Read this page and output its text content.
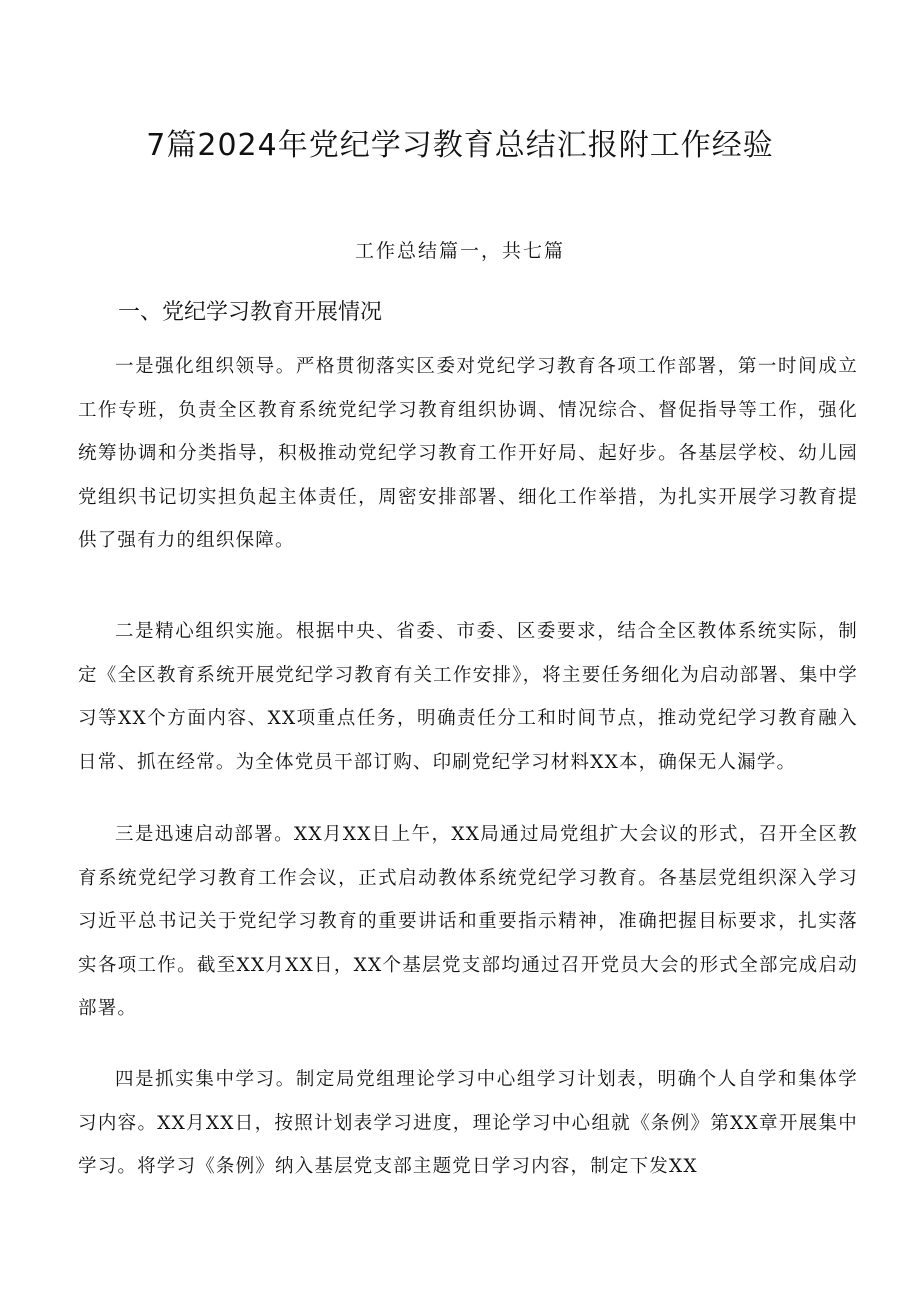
7篇2024年党纪学习教育总结汇报附工作经验
工作总结篇一，共七篇
一、党纪学习教育开展情况

一是强化组织领导。严格贯彻落实区委对党纪学习教育各项工作部署，第一时间成立工作专班，负责全区教育系统党纪学习教育组织协调、情况综合、督促指导等工作，强化统筹协调和分类指导，积极推动党纪学习教育工作开好局、起好步。各基层学校、幼儿园党组织书记切实担负起主体责任，周密安排部署、细化工作举措，为扎实开展学习教育提供了强有力的组织保障。

二是精心组织实施。根据中央、省委、市委、区委要求，结合全区教体系统实际，制定《全区教育系统开展党纪学习教育有关工作安排》，将主要任务细化为启动部署、集中学习等XX个方面内容、XX项重点任务，明确责任分工和时间节点，推动党纪学习教育融入日常、抓在经常。为全体党员干部订购、印刷党纪学习材料XX本，确保无人漏学。

三是迅速启动部署。XX月XX日上午，XX局通过局党组扩大会议的形式，召开全区教育系统党纪学习教育工作会议，正式启动教体系统党纪学习教育。各基层党组织深入学习习近平总书记关于党纪学习教育的重要讲话和重要指示精神，准确把握目标要求，扎实落实各项工作。截至XX月XX日，XX个基层党支部均通过召开党员大会的形式全部完成启动部署。

四是抓实集中学习。制定局党组理论学习中心组学习计划表，明确个人自学和集体学习内容。XX月XX日，按照计划表学习进度，理论学习中心组就《条例》第XX章开展集中学习。将学习《条例》纳入基层党支部主题党日学习内容，制定下发XX
